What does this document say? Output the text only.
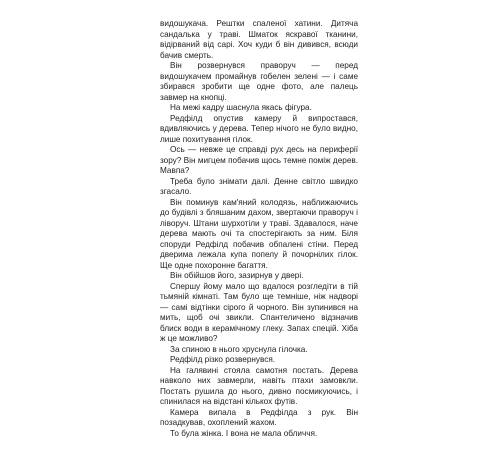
видошукача. Рештки спаленої хатини. Дитяча сандалька у траві. Шматок яскравої тканини, відірваний від сарі. Хоч куди б він дивився, всюди бачив смерть.

Він розвернувся праворуч — перед видошукачем промайнув гобелен зелені — і саме збирався зробити ще одне фото, але палець завмер на кнопці.

На межі кадру шаснула якась фігура.

Редфілд опустив камеру й випростався, вдивляючись у дерева. Тепер нічого не було видно, лише похитування гілок.

Ось — невже це справді рух десь на периферії зору? Він мигцем побачив щось темне поміж дерев. Мавпа?

Треба було знімати далі. Денне світло швидко згасало.

Він поминув кам'яний колодязь, наближаючись до будівлі з бляшаним дахом, звертаючи праворуч і ліворуч. Штани шурхотіли у траві. Здавалося, наче дерева мають очі та спостерігають за ним. Біля споруди Редфілд побачив обпалені стіни. Перед дверима лежала купа попелу й почорнілих гілок. Ще одне похоронне багаття.

Він обійшов його, зазирнув у двері.

Спершу йому мало що вдалося розгледіти в тій тьмяній кімнаті. Там було ще темніше, ніж надворі — самі відтінки сірого й чорного. Він зупинився на мить, щоб очі звикли. Спантеличено відзначив блиск води в керамічному глеку. Запах спецій. Хіба ж це можливо?

За спиною в нього хруснула гілочка.

Редфілд різко розвернувся.

На галявині стояла самотня постать. Дерева навколо них завмерли, навіть птахи замовкли. Постать рушила до нього, дивно посмикуючись, і спинилася на відстані кількох футів.

Камера випала в Редфілда з рук. Він позадкував, охоплений жахом.

То була жінка. І вона не мала обличчя.
